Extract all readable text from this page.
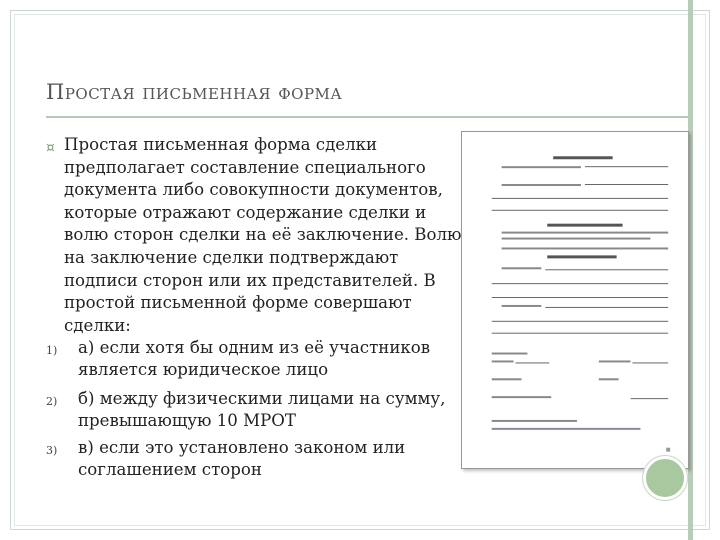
Простая письменная форма
¤ Простая письменная форма сделки предполагает составление специального документа либо совокупности документов, которые отражают содержание сделки и волю сторон сделки на её заключение. Волю на заключение сделки подтверждают подписи сторон или их представителей. В простой письменной форме совершают сделки:
1) а) если хотя бы одним из её участников является юридическое лицо
2) б) между физическими лицами на сумму, превышающую 10 МРОТ
3) в) если это установлено законом или соглашением сторон
